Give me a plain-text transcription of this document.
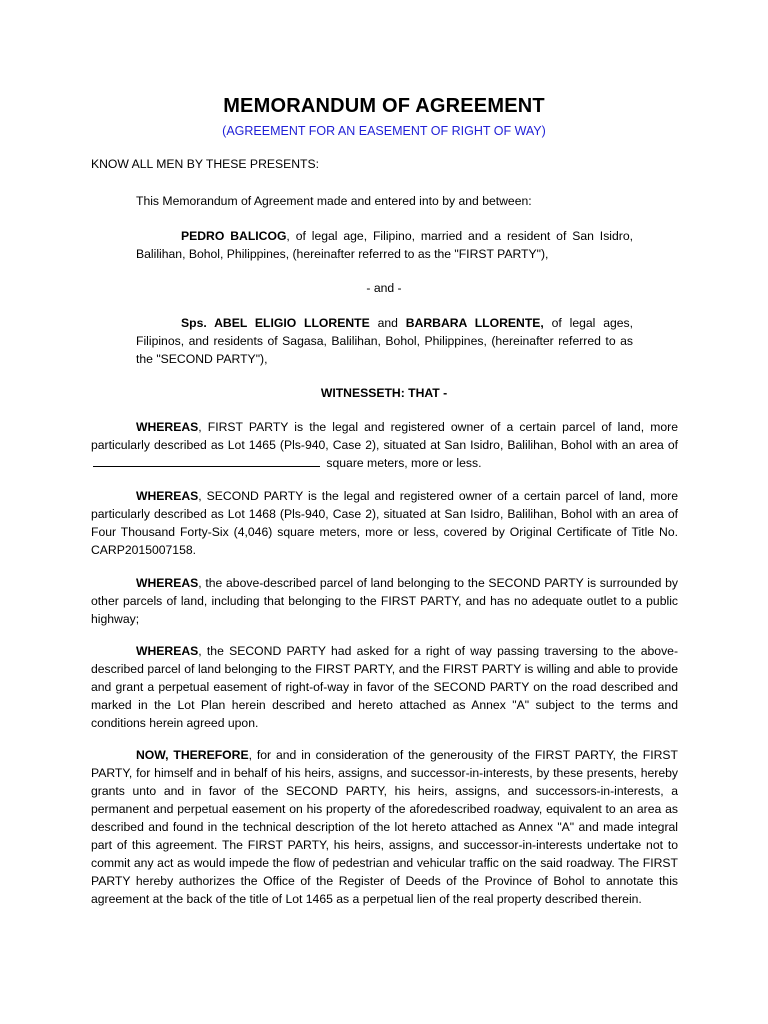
MEMORANDUM OF AGREEMENT
(AGREEMENT FOR AN EASEMENT OF RIGHT OF WAY)
KNOW ALL MEN BY THESE PRESENTS:
This Memorandum of Agreement made and entered into by and between:
PEDRO BALICOG, of legal age, Filipino, married and a resident of San Isidro, Balilihan, Bohol, Philippines, (hereinafter referred to as the "FIRST PARTY"),
- and -
Sps. ABEL ELIGIO LLORENTE and BARBARA LLORENTE, of legal ages, Filipinos, and residents of Sagasa, Balilihan, Bohol, Philippines, (hereinafter referred to as the "SECOND PARTY"),
WITNESSETH: THAT -
WHEREAS, FIRST PARTY is the legal and registered owner of a certain parcel of land, more particularly described as Lot 1465 (Pls-940, Case 2), situated at San Isidro, Balilihan, Bohol with an area of  square meters, more or less.
WHEREAS, SECOND PARTY is the legal and registered owner of a certain parcel of land, more particularly described as Lot 1468 (Pls-940, Case 2), situated at San Isidro, Balilihan, Bohol with an area of Four Thousand Forty-Six (4,046) square meters, more or less, covered by Original Certificate of Title No. CARP2015007158.
WHEREAS, the above-described parcel of land belonging to the SECOND PARTY is surrounded by other parcels of land, including that belonging to the FIRST PARTY, and has no adequate outlet to a public highway;
WHEREAS, the SECOND PARTY had asked for a right of way passing traversing to the above-described parcel of land belonging to the FIRST PARTY, and the FIRST PARTY is willing and able to provide and grant a perpetual easement of right-of-way in favor of the SECOND PARTY on the road described and marked in the Lot Plan herein described and hereto attached as Annex "A" subject to the terms and conditions herein agreed upon.
NOW, THEREFORE, for and in consideration of the generousity of the FIRST PARTY, the FIRST PARTY, for himself and in behalf of his heirs, assigns, and successor-in-interests, by these presents, hereby grants unto and in favor of the SECOND PARTY, his heirs, assigns, and successors-in-interests, a permanent and perpetual easement on his property of the aforedescribed roadway, equivalent to an area as described and found in the technical description of the lot hereto attached as Annex "A" and made integral part of this agreement. The FIRST PARTY, his heirs, assigns, and successor-in-interests undertake not to commit any act as would impede the flow of pedestrian and vehicular traffic on the said roadway. The FIRST PARTY hereby authorizes the Office of the Register of Deeds of the Province of Bohol to annotate this agreement at the back of the title of Lot 1465 as a perpetual lien of the real property described therein.
